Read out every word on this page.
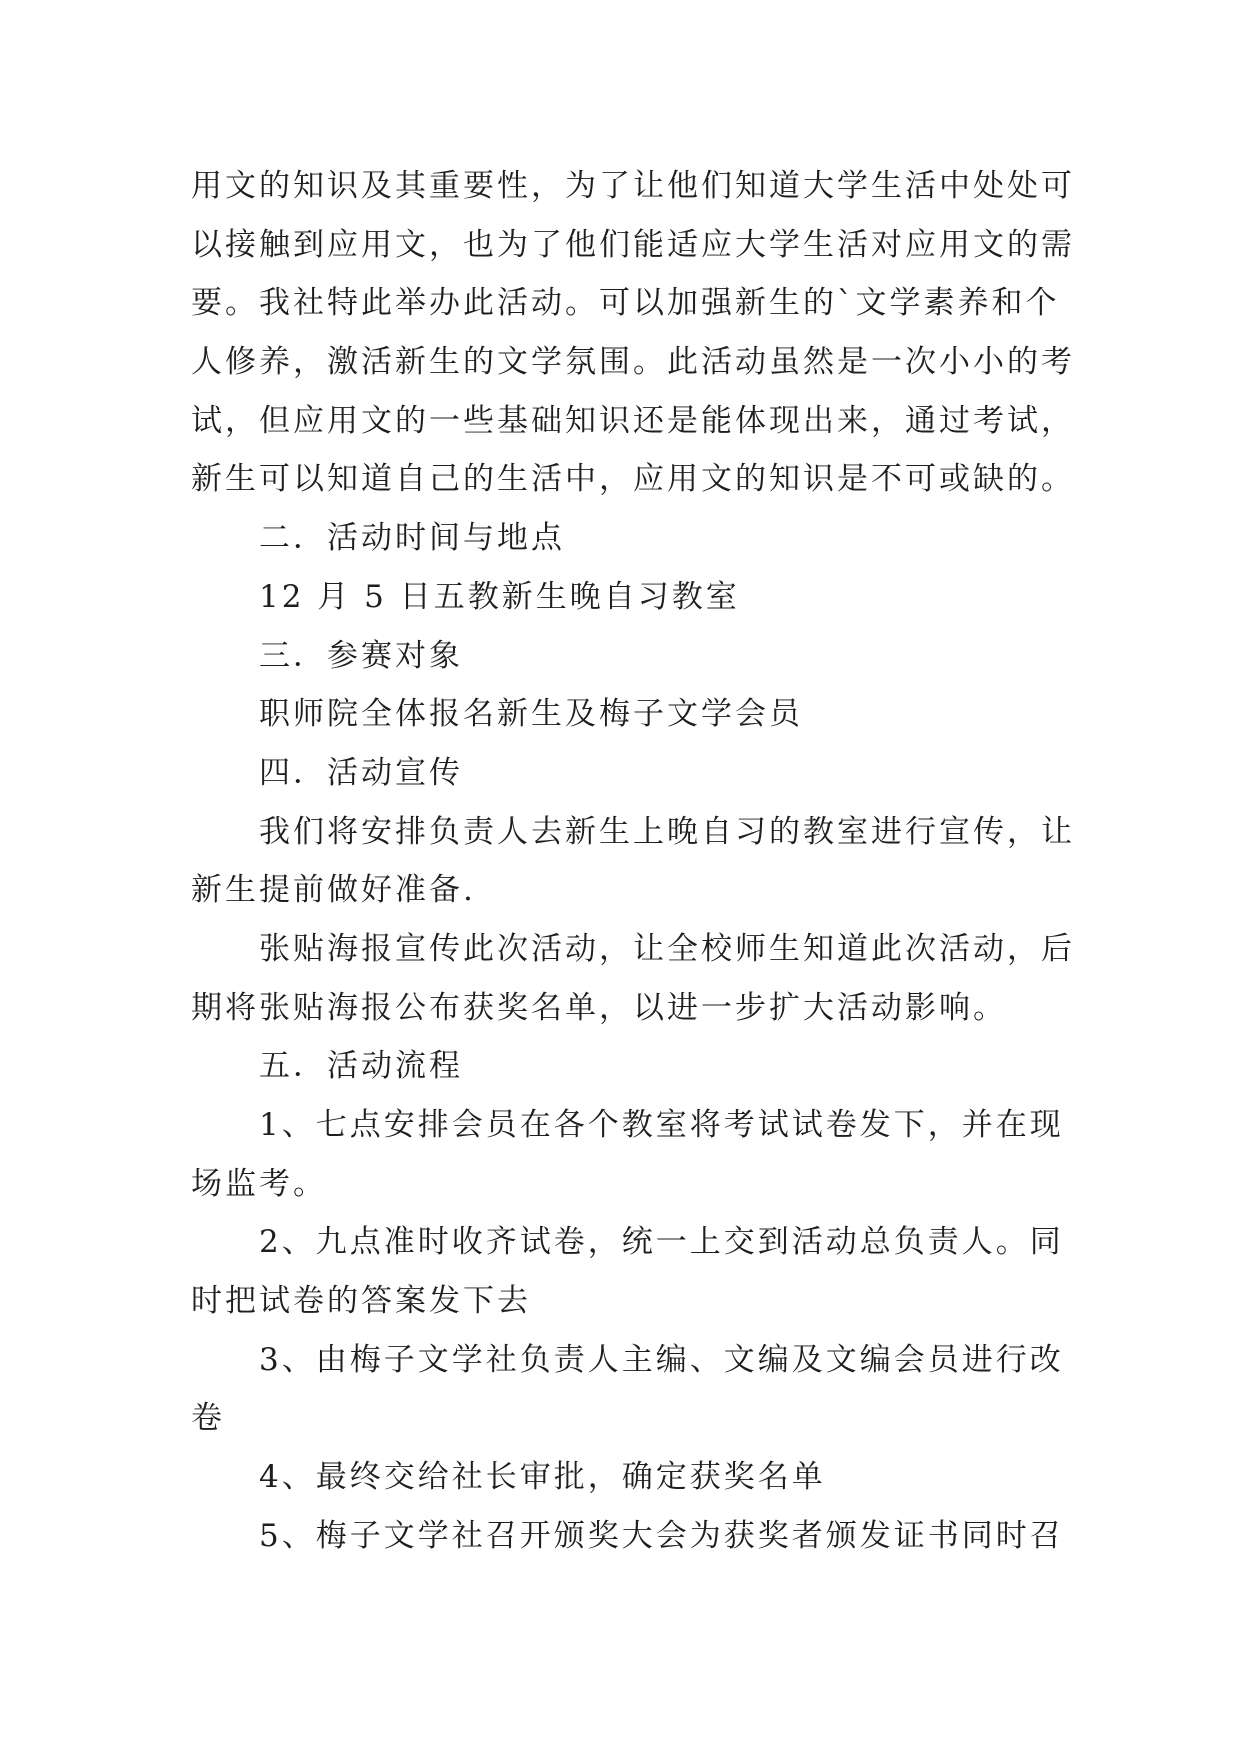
用文的知识及其重要性，为了让他们知道大学生活中处处可
以接触到应用文，也为了他们能适应大学生活对应用文的需
要。我社特此举办此活动。可以加强新生的`文学素养和个
人修养，激活新生的文学氛围。此活动虽然是一次小小的考
试，但应用文的一些基础知识还是能体现出来，通过考试，
新生可以知道自己的生活中，应用文的知识是不可或缺的。
二．活动时间与地点
12 月 5 日五教新生晚自习教室
三．参赛对象
职师院全体报名新生及梅子文学会员
四．活动宣传
我们将安排负责人去新生上晚自习的教室进行宣传，让
新生提前做好准备.
张贴海报宣传此次活动，让全校师生知道此次活动，后
期将张贴海报公布获奖名单，以进一步扩大活动影响。
五．活动流程
1、七点安排会员在各个教室将考试试卷发下，并在现
场监考。
2、九点准时收齐试卷，统一上交到活动总负责人。同
时把试卷的答案发下去
3、由梅子文学社负责人主编、文编及文编会员进行改
卷
4、最终交给社长审批，确定获奖名单
5、梅子文学社召开颁奖大会为获奖者颁发证书同时召
